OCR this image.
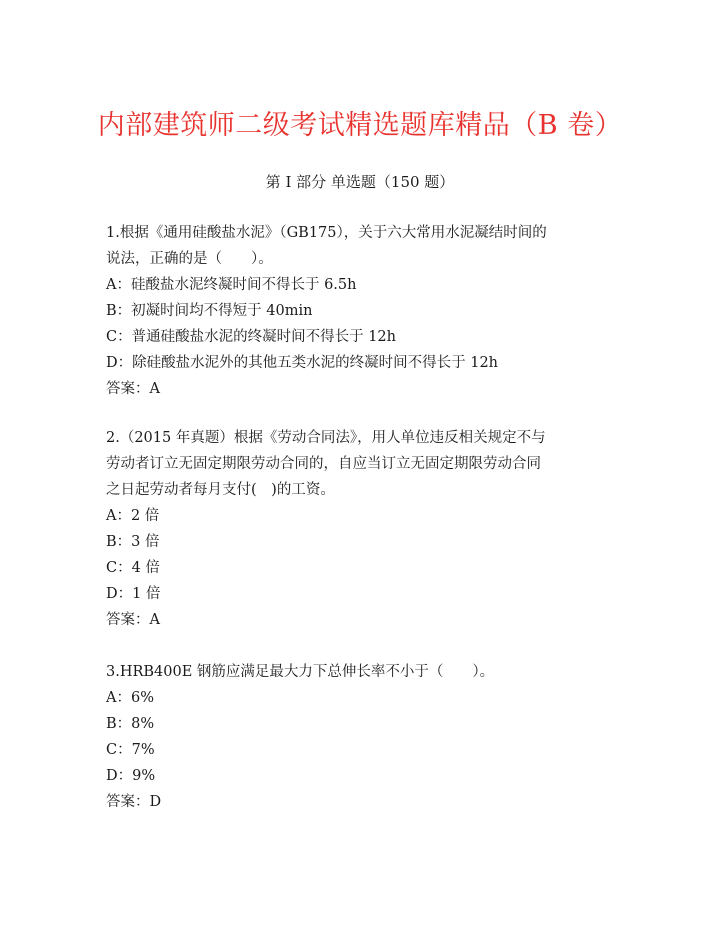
内部建筑师二级考试精选题库精品（B 卷）
第 I 部分 单选题（150 题）
1.根据《通用硅酸盐水泥》（GB175），关于六大常用水泥凝结时间的
说法，正确的是（　　）。
A：硅酸盐水泥终凝时间不得长于 6.5h
B：初凝时间均不得短于 40min
C：普通硅酸盐水泥的终凝时间不得长于 12h
D：除硅酸盐水泥外的其他五类水泥的终凝时间不得长于 12h
答案：A
2.（2015 年真题）根据《劳动合同法》，用人单位违反相关规定不与
劳动者订立无固定期限劳动合同的，自应当订立无固定期限劳动合同
之日起劳动者每月支付(　)的工资。
A：2 倍
B：3 倍
C：4 倍
D：1 倍
答案：A
3.HRB400E 钢筋应满足最大力下总伸长率不小于（　　）。
A：6%
B：8%
C：7%
D：9%
答案：D
